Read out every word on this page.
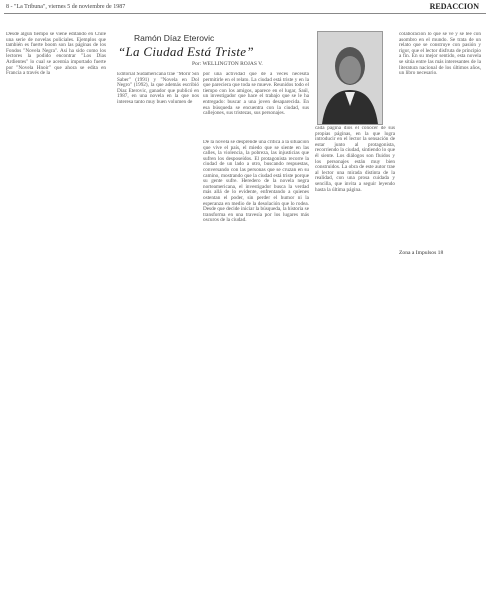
8 - "La Tribuna", viernes 5 de noviembre de 1987	REDACCION
Desde algún tiempo se viene editando en Chile una serie de novelas policiales. Ejemplos que también es fuerte boom son las páginas de los Fondos "Novela Negra". Así ha sido como los lectores la podido encontrar "Los Dias Ardientes" lo cual se acentúa importado fuerte por "Novela Hnoir" que ahora se edita en Francia a través de la
Ramón Díaz Eterovic
“La Ciudad Está Triste”
Por: WELLINGTON ROJAS V.
Editorial Sudamericana trae "Morir Sin Saber" (1991) y "Novela en Dol Negro" (1992), la que además escribió Díaz Eterovic, ganador que publicó en 1987, en una novela en la que nos interesa tanto muy buen volumen de
por una actividad que de a veces necesita permitirle en el relato. La ciudad está triste y en la que pareciera que toda se mueve. Reunidos todo el tiempo con los amigos, aparece en el lugar, Saúl, un investigador que hace el trabajo que se le ha entregado: buscar a una joven desaparecida. En esa búsqueda se encuentra con la ciudad, sus callejones, sus tristezas, sus personajes.
De la novela se desprende una crítica a la situación que vive el país, el miedo que se siente en las calles, la violencia, la pobreza, las injusticias que sufren los desposeídos. El protagonista recorre la ciudad de un lado a otro, buscando respuestas, conversando con las personas que se cruzan en su camino, mostrando que la ciudad está triste porque su gente sufre. Heredero de la novela negra norteamericana, el investigador busca la verdad más allá de lo evidente, enfrentando a quienes ostentan el poder, sin perder el humor ni la esperanza en medio de la desolación que lo rodea. Desde que decide iniciar la búsqueda, la historia se transforma en una travesía por los lugares más oscuros de la ciudad.
cada página dios el conocer de sus propias páginas, en la que logra introducir en el lector la sensación de estar junto al protagonista, recorriendo la ciudad, sintiendo lo que él siente. Los diálogos son fluidos y los personajes están muy bien construidos. La obra de este autor trae al lector una mirada distinta de la realidad, con una prosa cuidada y sencilla, que invita a seguir leyendo hasta la última página.
colaboración lo que se ve y se lee con asombro en el mundo. Se trata de un relato que se construye con pasión y rigor, que el lector disfruta de principio a fin. En su mejor sentido, esta novela se sitúa entre las más interesantes de la literatura nacional de los últimos años, un libro necesario.
Zona a Impulsos 18
